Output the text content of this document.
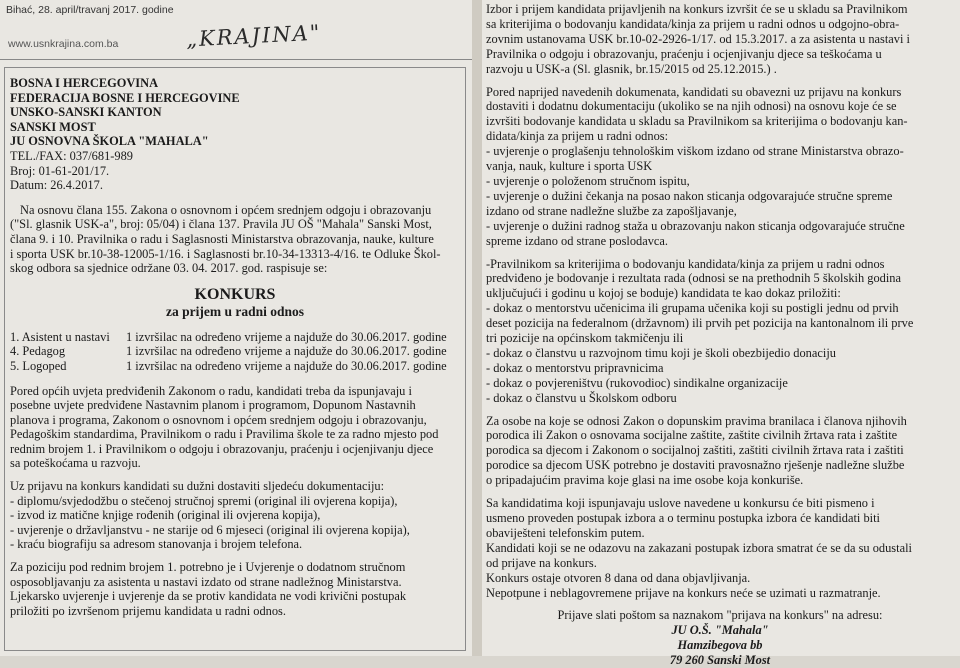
Bihać, 28. april/travanj 2017. godine
www.usnkrajina.com.ba	„KRAJINA"
BOSNA I HERCEGOVINA
FEDERACIJA BOSNE I HERCEGOVINE
UNSKO-SANSKI KANTON
SANSKI MOST
JU OSNOVNA ŠKOLA "MAHALA"
TEL./FAX: 037/681-989
Broj: 01-61-201/17.
Datum: 26.4.2017.
Na osnovu člana 155. Zakona o osnovnom i općem srednjem odgoju i obrazovanju
("Sl. glasnik USK-a", broj: 05/04) i člana 137. Pravila JU OŠ "Mahala" Sanski Most,
člana 9. i 10. Pravilnika o radu i Saglasnosti Ministarstva obrazovanja, nauke, kulture
i sporta USK br.10-38-12005-1/16. i Saglasnosti br.10-34-13313-4/16. te Odluke Škol-
skog odbora sa sjednice održane 03. 04. 2017. god. raspisuje se:
KONKURS
za prijem u radni odnos
1. Asistent u nastavi 1 izvršilac na određeno vrijeme a najduže do 30.06.2017. godine
4. Pedagog	1 izvršilac na određeno vrijeme a najduže do 30.06.2017. godine
5. Logoped	1 izvršilac na određeno vrijeme a najduže do 30.06.2017. godine
Pored općih uvjeta predviđenih Zakonom o radu, kandidati treba da ispunjavaju i
posebne uvjete predviđene Nastavnim planom i programom, Dopunom Nastavnih
planova i programa, Zakonom o osnovnom i općem srednjem odgoju i obrazovanju,
Pedagoškim standardima, Pravilnikom o radu i Pravilima škole te za radno mjesto pod
rednim brojem 1. i Pravilnikom o odgoju i obrazovanju, praćenju i ocjenjivanju djece
sa poteškoćama u razvoju.
Uz prijavu na konkurs kandidati su dužni dostaviti sljedeću dokumentaciju:
- diplomu/svjedodžbu o stečenoj stručnoj spremi (original ili ovjerena kopija),
- izvod iz matične knjige rođenih (original ili ovjerena kopija),
- uvjerenje o državljanstvu - ne starije od 6 mjeseci (original ili ovjerena kopija),
- kraću biografiju sa adresom stanovanja i brojem telefona.
Za poziciju pod rednim brojem 1. potrebno je i Uvjerenje o dodatnom stručnom
osposobljavanju za asistenta u nastavi izdato od strane nadležnog Ministarstva.
Ljekarsko uvjerenje i uvjerenje da se protiv kandidata ne vodi krivični postupak
priložiti po izvršenom prijemu kandidata u radni odnos.
Izbor i prijem kandidata prijavljenih na konkurs izvršit će se u skladu sa Pravilnikom
sa kriterijima o bodovanju kandidata/kinja za prijem u radni odnos u odgojno-obra-
zovnim ustanovama USK br.10-02-2926-1/17. od 15.3.2017. a za asistenta u nastavi i
Pravilnika o odgoju i obrazovanju, praćenju i ocjenjivanju djece sa teškoćama u
razvoju u USK-a (Sl. glasnik, br.15/2015 od 25.12.2015.) .
Pored naprijed navedenih dokumenata, kandidati su obavezni uz prijavu na konkurs
dostaviti i dodatnu dokumentaciju (ukoliko se na njih odnosi) na osnovu koje će se
izvršiti bodovanje kandidata u skladu sa Pravilnikom sa kriterijima o bodovanju kan-
didata/kinja za prijem u radni odnos:
- uvjerenje o proglašenju tehnološkim viškom izdano od strane Ministarstva obrazo-
vanja, nauk, kulture i sporta USK
- uvjerenje o položenom stručnom ispitu,
- uvjerenje o dužini čekanja na posao nakon sticanja odgovarajuće stručne spreme
izdano od strane nadležne službe za zapošljavanje,
- uvjerenje o dužini radnog staža u obrazovanju nakon sticanja odgovarajuće stručne
spreme izdano od strane poslodavca.
-Pravilnikom sa kriterijima o bodovanju kandidata/kinja za prijem u radni odnos
predviđeno je bodovanje i rezultata rada (odnosi se na prethodnih 5 školskih godina
uključujući i godinu u kojoj se boduje) kandidata te kao dokaz priložiti:
- dokaz o mentorstvu učenicima ili grupama učenika koji su postigli jednu od prvih
deset pozicija na federalnom (državnom) ili prvih pet pozicija na kantonalnom ili prve
tri pozicije na općinskom takmičenju ili
- dokaz o članstvu u razvojnom timu koji je školi obezbijedio donaciju
- dokaz o mentorstvu pripravnicima
- dokaz o povjereništvu (rukovodioc) sindikalne organizacije
- dokaz o članstvu u Školskom odboru
Za osobe na koje se odnosi Zakon o dopunskim pravima branilaca i članova njihovih
porodica ili Zakon o osnovama socijalne zaštite, zaštite civilnih žrtava rata i zaštite
porodica sa djecom i Zakonom o socijalnoj zaštiti, zaštiti civilnih žrtava rata i zaštiti
porodice sa djecom USK potrebno je dostaviti pravosnažno rješenje nadležne službe
o pripadajućim pravima koje glasi na ime osobe koja konkuriše.
Sa kandidatima koji ispunjavaju uslove navedene u konkursu će biti pismeno i
usmeno proveden postupak izbora a o terminu postupka izbora će kandidati biti
obaviješteni telefonskim putem.
Kandidati koji se ne odazovu na zakazani postupak izbora smatrat će se da su odustali
od prijave na konkurs.
Konkurs ostaje otvoren 8 dana od dana objavljivanja.
Nepotpune i neblagovremene prijave na konkurs neće se uzimati u razmatranje.
Prijave slati poštom sa naznakom "prijava na konkurs" na adresu:
JU O.Š. "Mahala"
Hamzibegova bb
79 260 Sanski Most
